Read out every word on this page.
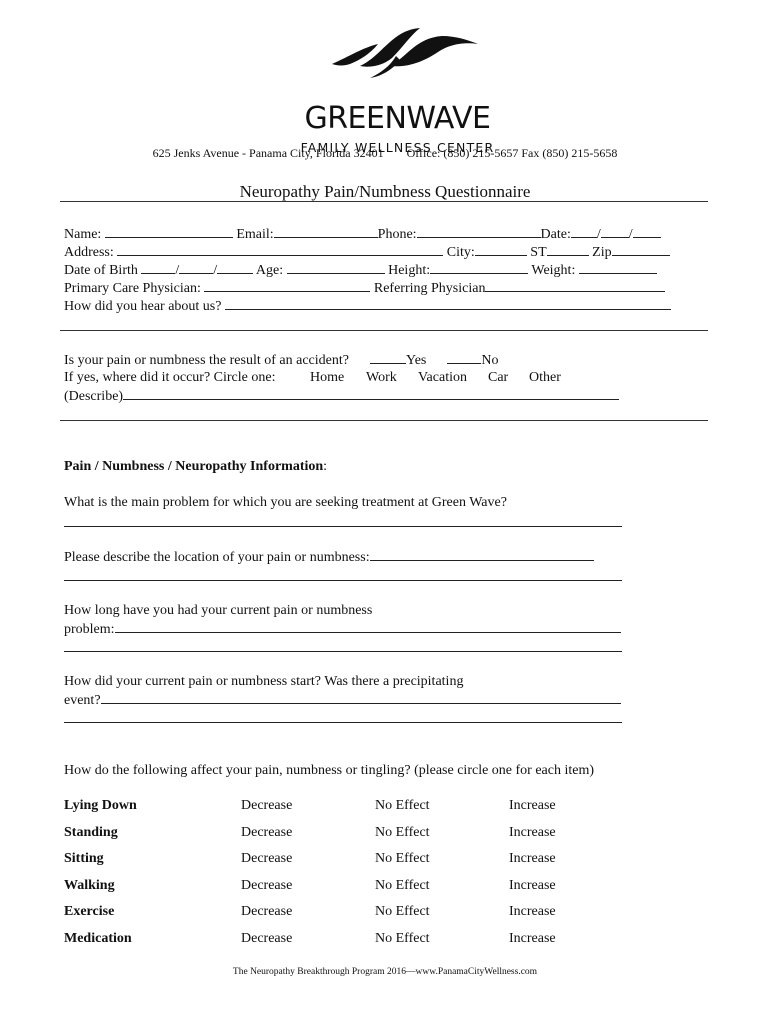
GREENWAVE
FAMILY WELLNESS CENTER
625 Jenks Avenue - Panama City, Florida 32401 Office: (850) 215-5657 Fax (850) 215-5658
Neuropathy Pain/Numbness Questionnaire
Name:	Email:	Phone:	Date: / /
Address:	City:	ST	Zip
Date of Birth	/ /	Age:	Height:	Weight:
Primary Care Physician:	Referring Physician
How did you hear about us?
Is your pain or numbness the result of an accident?	Yes	No
If yes, where did it occur? Circle one: Home Work Vacation Car Other
(Describe)
Pain / Numbness / Neuropathy Information:
What is the main problem for which you are seeking treatment at Green Wave?
Please describe the location of your pain or numbness:
How long have you had your current pain or numbness
problem:
How did your current pain or numbness start? Was there a precipitating
event?
How do the following affect your pain, numbness or tingling? (please circle one for each item)
Lying Down	Decrease	No Effect	Increase
Standing	Decrease	No Effect	Increase
Sitting	Decrease	No Effect	Increase
Walking	Decrease	No Effect	Increase
Exercise	Decrease	No Effect	Increase
Medication	Decrease	No Effect	Increase
The Neuropathy Breakthrough Program 2016—www.PanamaCityWellness.com
